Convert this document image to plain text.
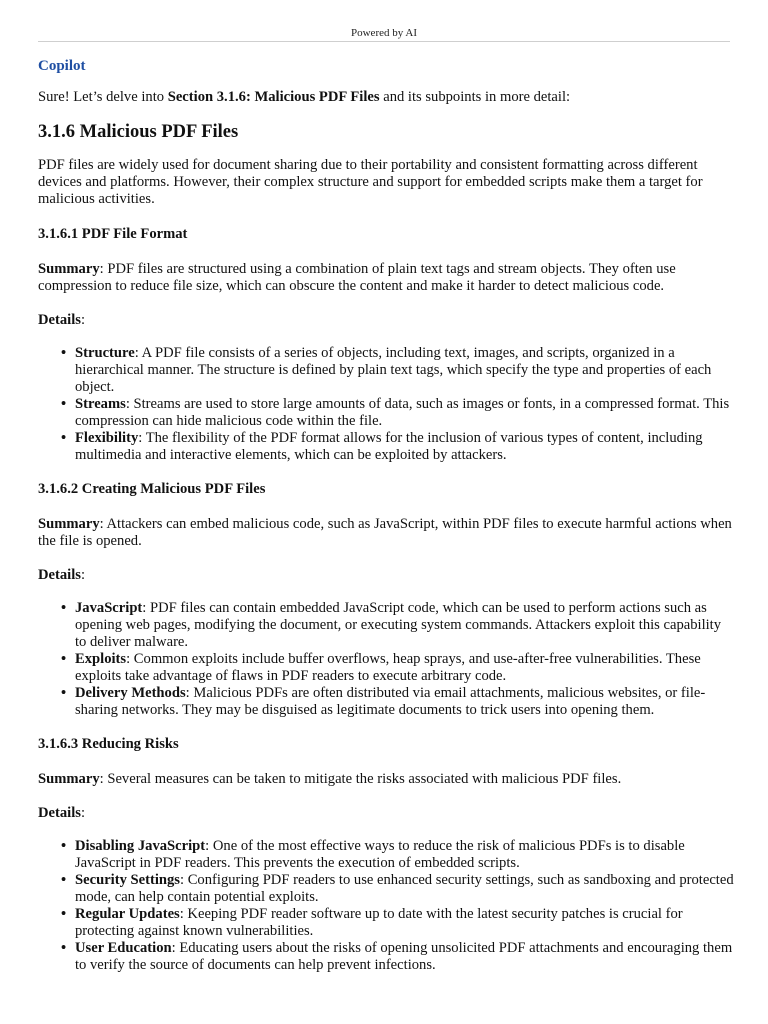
Powered by AI
Copilot

Sure! Let’s delve into Section 3.1.6: Malicious PDF Files and its subpoints in more detail:

3.1.6 Malicious PDF Files

PDF files are widely used for document sharing due to their portability and consistent formatting across different devices and platforms. However, their complex structure and support for embedded scripts make them a target for malicious activities.

3.1.6.1 PDF File Format

Summary: PDF files are structured using a combination of plain text tags and stream objects. They often use compression to reduce file size, which can obscure the content and make it harder to detect malicious code.

Details:

• Structure: A PDF file consists of a series of objects, including text, images, and scripts, organized in a hierarchical manner. The structure is defined by plain text tags, which specify the type and properties of each object.
• Streams: Streams are used to store large amounts of data, such as images or fonts, in a compressed format. This compression can hide malicious code within the file.
• Flexibility: The flexibility of the PDF format allows for the inclusion of various types of content, including multimedia and interactive elements, which can be exploited by attackers.
3.1.6.2 Creating Malicious PDF Files

Summary: Attackers can embed malicious code, such as JavaScript, within PDF files to execute harmful actions when the file is opened.

Details:

• JavaScript: PDF files can contain embedded JavaScript code, which can be used to perform actions such as opening web pages, modifying the document, or executing system commands. Attackers exploit this capability to deliver malware.
• Exploits: Common exploits include buffer overflows, heap sprays, and use-after-free vulnerabilities. These exploits take advantage of flaws in PDF readers to execute arbitrary code.
• Delivery Methods: Malicious PDFs are often distributed via email attachments, malicious websites, or file-sharing networks. They may be disguised as legitimate documents to trick users into opening them.
3.1.6.3 Reducing Risks

Summary: Several measures can be taken to mitigate the risks associated with malicious PDF files.

Details:

• Disabling JavaScript: One of the most effective ways to reduce the risk of malicious PDFs is to disable JavaScript in PDF readers. This prevents the execution of embedded scripts.
• Security Settings: Configuring PDF readers to use enhanced security settings, such as sandboxing and protected mode, can help contain potential exploits.
• Regular Updates: Keeping PDF reader software up to date with the latest security patches is crucial for protecting against known vulnerabilities.
• User Education: Educating users about the risks of opening unsolicited PDF attachments and encouraging them to verify the source of documents can help prevent infections.
